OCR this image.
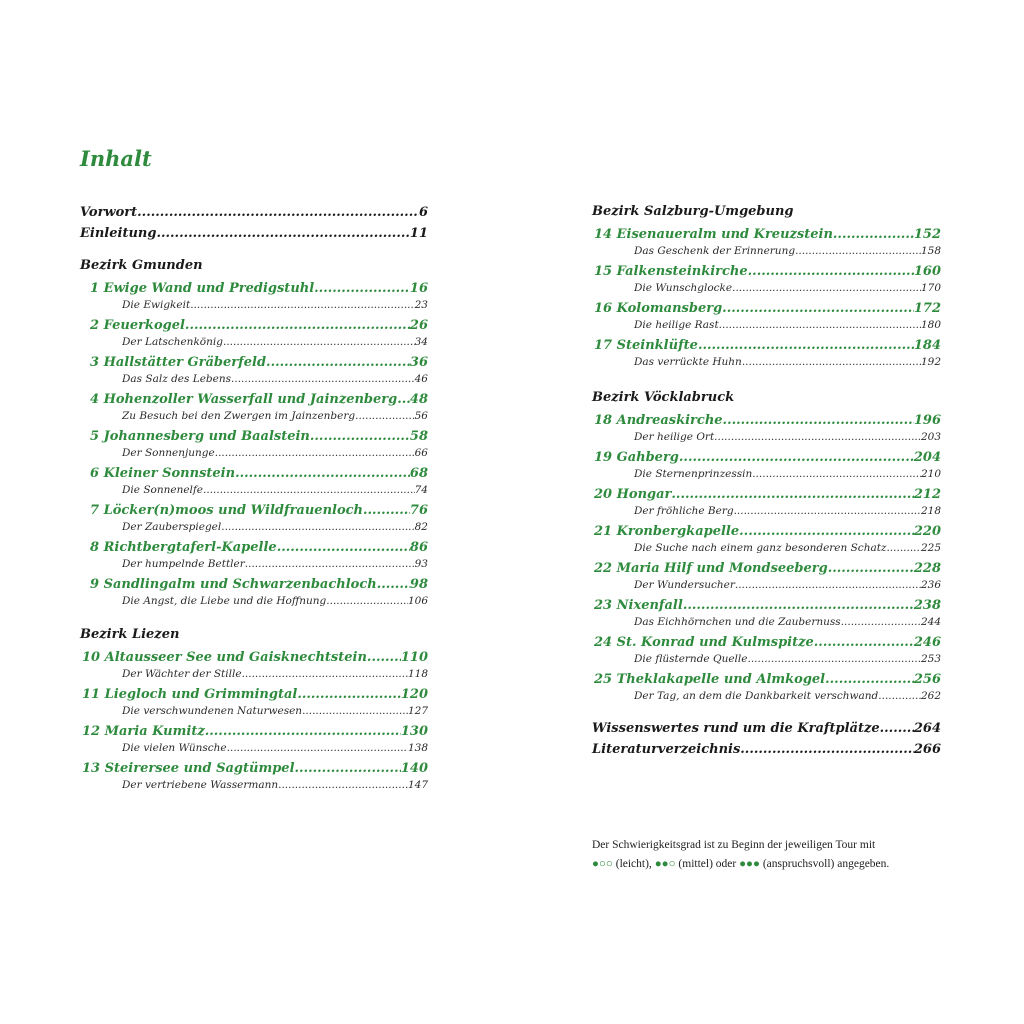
Inhalt
Vorwort .....	6
Einleitung .....	11
Bezirk Gmunden
1 Ewige Wand und Predigstuhl .....	16
Die Ewigkeit .....	23
2 Feuerkogel .....	26
Der Latschenkönig .....	34
3 Hallstätter Gräberfeld .....	36
Das Salz des Lebens .....	46
4 Hohenzoller Wasserfall und Jainzenberg ..... 48
Zu Besuch bei den Zwergen im Jainzenberg .....	56
5 Johannesberg und Baalstein .....	58
Der Sonnenjunge .....	66
6 Kleiner Sonnstein .....	68
Die Sonnenelfe .....	74
7 Löcker(n)moos und Wildfrauenloch .....	76
Der Zauberspiegel .....	82
8 Richtbergtaferl-Kapelle .....	86
Der humpelnde Bettler .....	93
9 Sandlingalm und Schwarzenbachloch .....	98
Die Angst, die Liebe und die Hoffnung .....	106
Bezirk Liezen
10 Altausseer See und Gaisknechtstein .....	110
Der Wächter der Stille .....	118
11 Liegloch und Grimmingtal .....	120
Die verschwundenen Naturwesen .....	127
12 Maria Kumitz .....	130
Die vielen Wünsche .....	138
13 Steirersee und Sagtümpel .....	140
Der vertriebene Wassermann .....	147
Bezirk Salzburg-Umgebung
14 Eisenaueralm und Kreuzstein .....	152
Das Geschenk der Erinnerung .....	158
15 Falkensteinkirche .....	160
Die Wunschglocke .....	170
16 Kolomansberg .....	172
Die heilige Rast .....	180
17 Steinklüfte .....	184
Das verrückte Huhn .....	192
Bezirk Vöcklabruck
18 Andreaskirche .....	196
Der heilige Ort .....	203
19 Gahberg .....	204
Die Sternenprinzessin .....	210
20 Hongar .....	212
Der fröhliche Berg .....	218
21 Kronbergkapelle .....	220
Die Suche nach einem ganz besonderen Schatz .....	225
22 Maria Hilf und Mondseeberg .....	228
Der Wundersucher .....	236
23 Nixenfall .....	238
Das Eichhörnchen und die Zaubernuss .....	244
24 St. Konrad und Kulmspitze .....	246
Die flüsternde Quelle .....	253
25 Theklakapelle und Almkogel .....	256
Der Tag, an dem die Dankbarkeit verschwand .....	262
Wissenswertes rund um die Kraftplätze .....	264
Literaturverzeichnis .....	266
Der Schwierigkeitsgrad ist zu Beginn der jeweiligen Tour mit
●○○ (leicht), ●●○ (mittel) oder ●●● (anspruchsvoll) angegeben.
